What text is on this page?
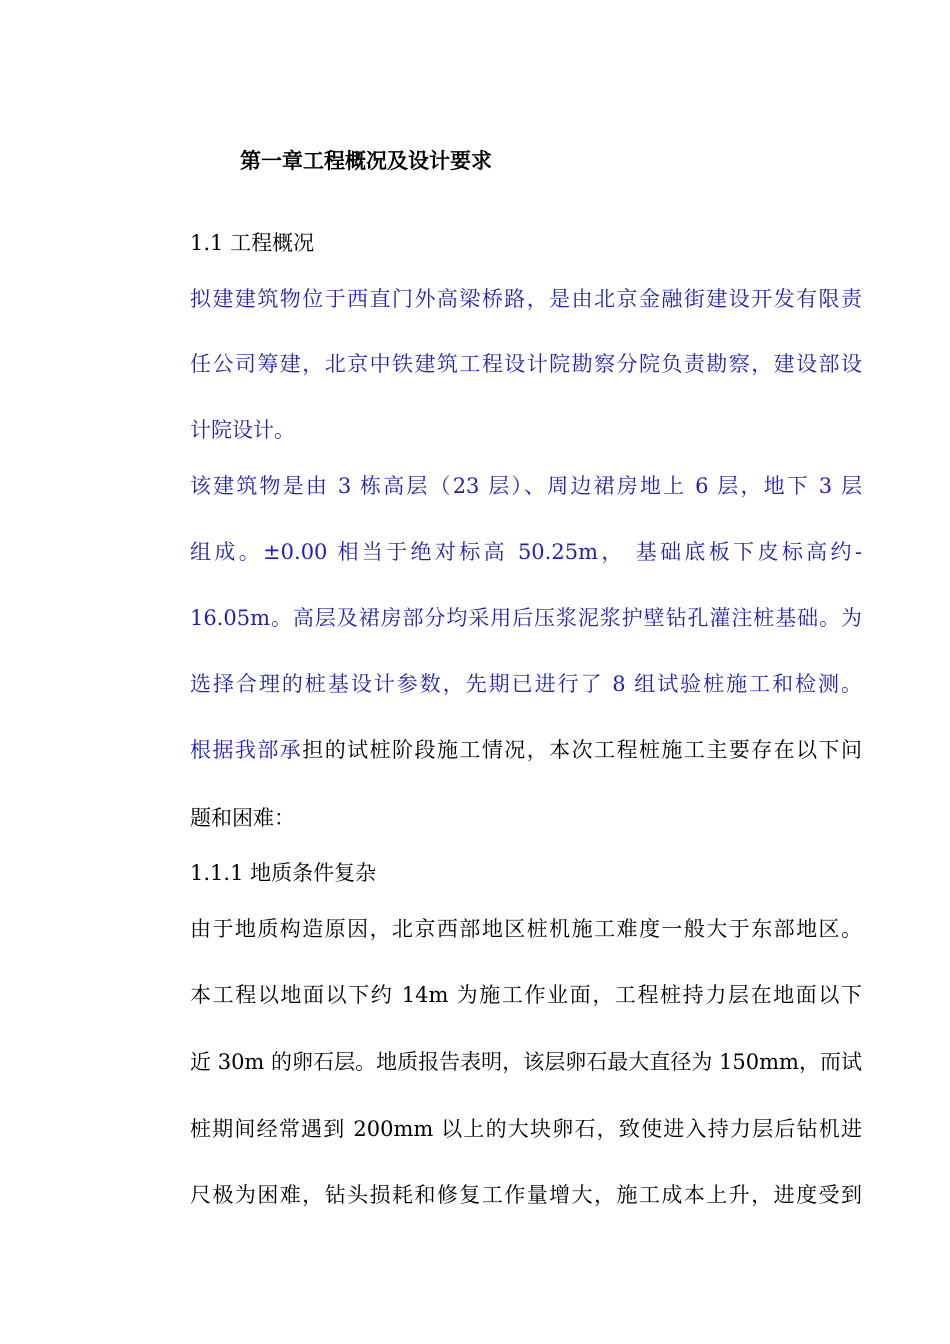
第一章工程概况及设计要求
1.1 工程概况
拟建建筑物位于西直门外高梁桥路，是由北京金融街建设开发有限责
任公司筹建，北京中铁建筑工程设计院勘察分院负责勘察，建设部设
计院设计。
该建筑物是由 3 栋高层（23 层）、周边裙房地上 6 层，地下 3 层
组成。±0.00 相当于绝对标高 50.25m， 基础底板下皮标高约-
16.05m。高层及裙房部分均采用后压浆泥浆护壁钻孔灌注桩基础。为
选择合理的桩基设计参数，先期已进行了 8 组试验桩施工和检测。
根据我部承担的试桩阶段施工情况，本次工程桩施工主要存在以下问
题和困难：
1.1.1 地质条件复杂
由于地质构造原因，北京西部地区桩机施工难度一般大于东部地区。
本工程以地面以下约 14m 为施工作业面，工程桩持力层在地面以下
近 30m 的卵石层。地质报告表明，该层卵石最大直径为 150mm，而试
桩期间经常遇到 200mm 以上的大块卵石，致使进入持力层后钻机进
尺极为困难，钻头损耗和修复工作量增大，施工成本上升，进度受到
